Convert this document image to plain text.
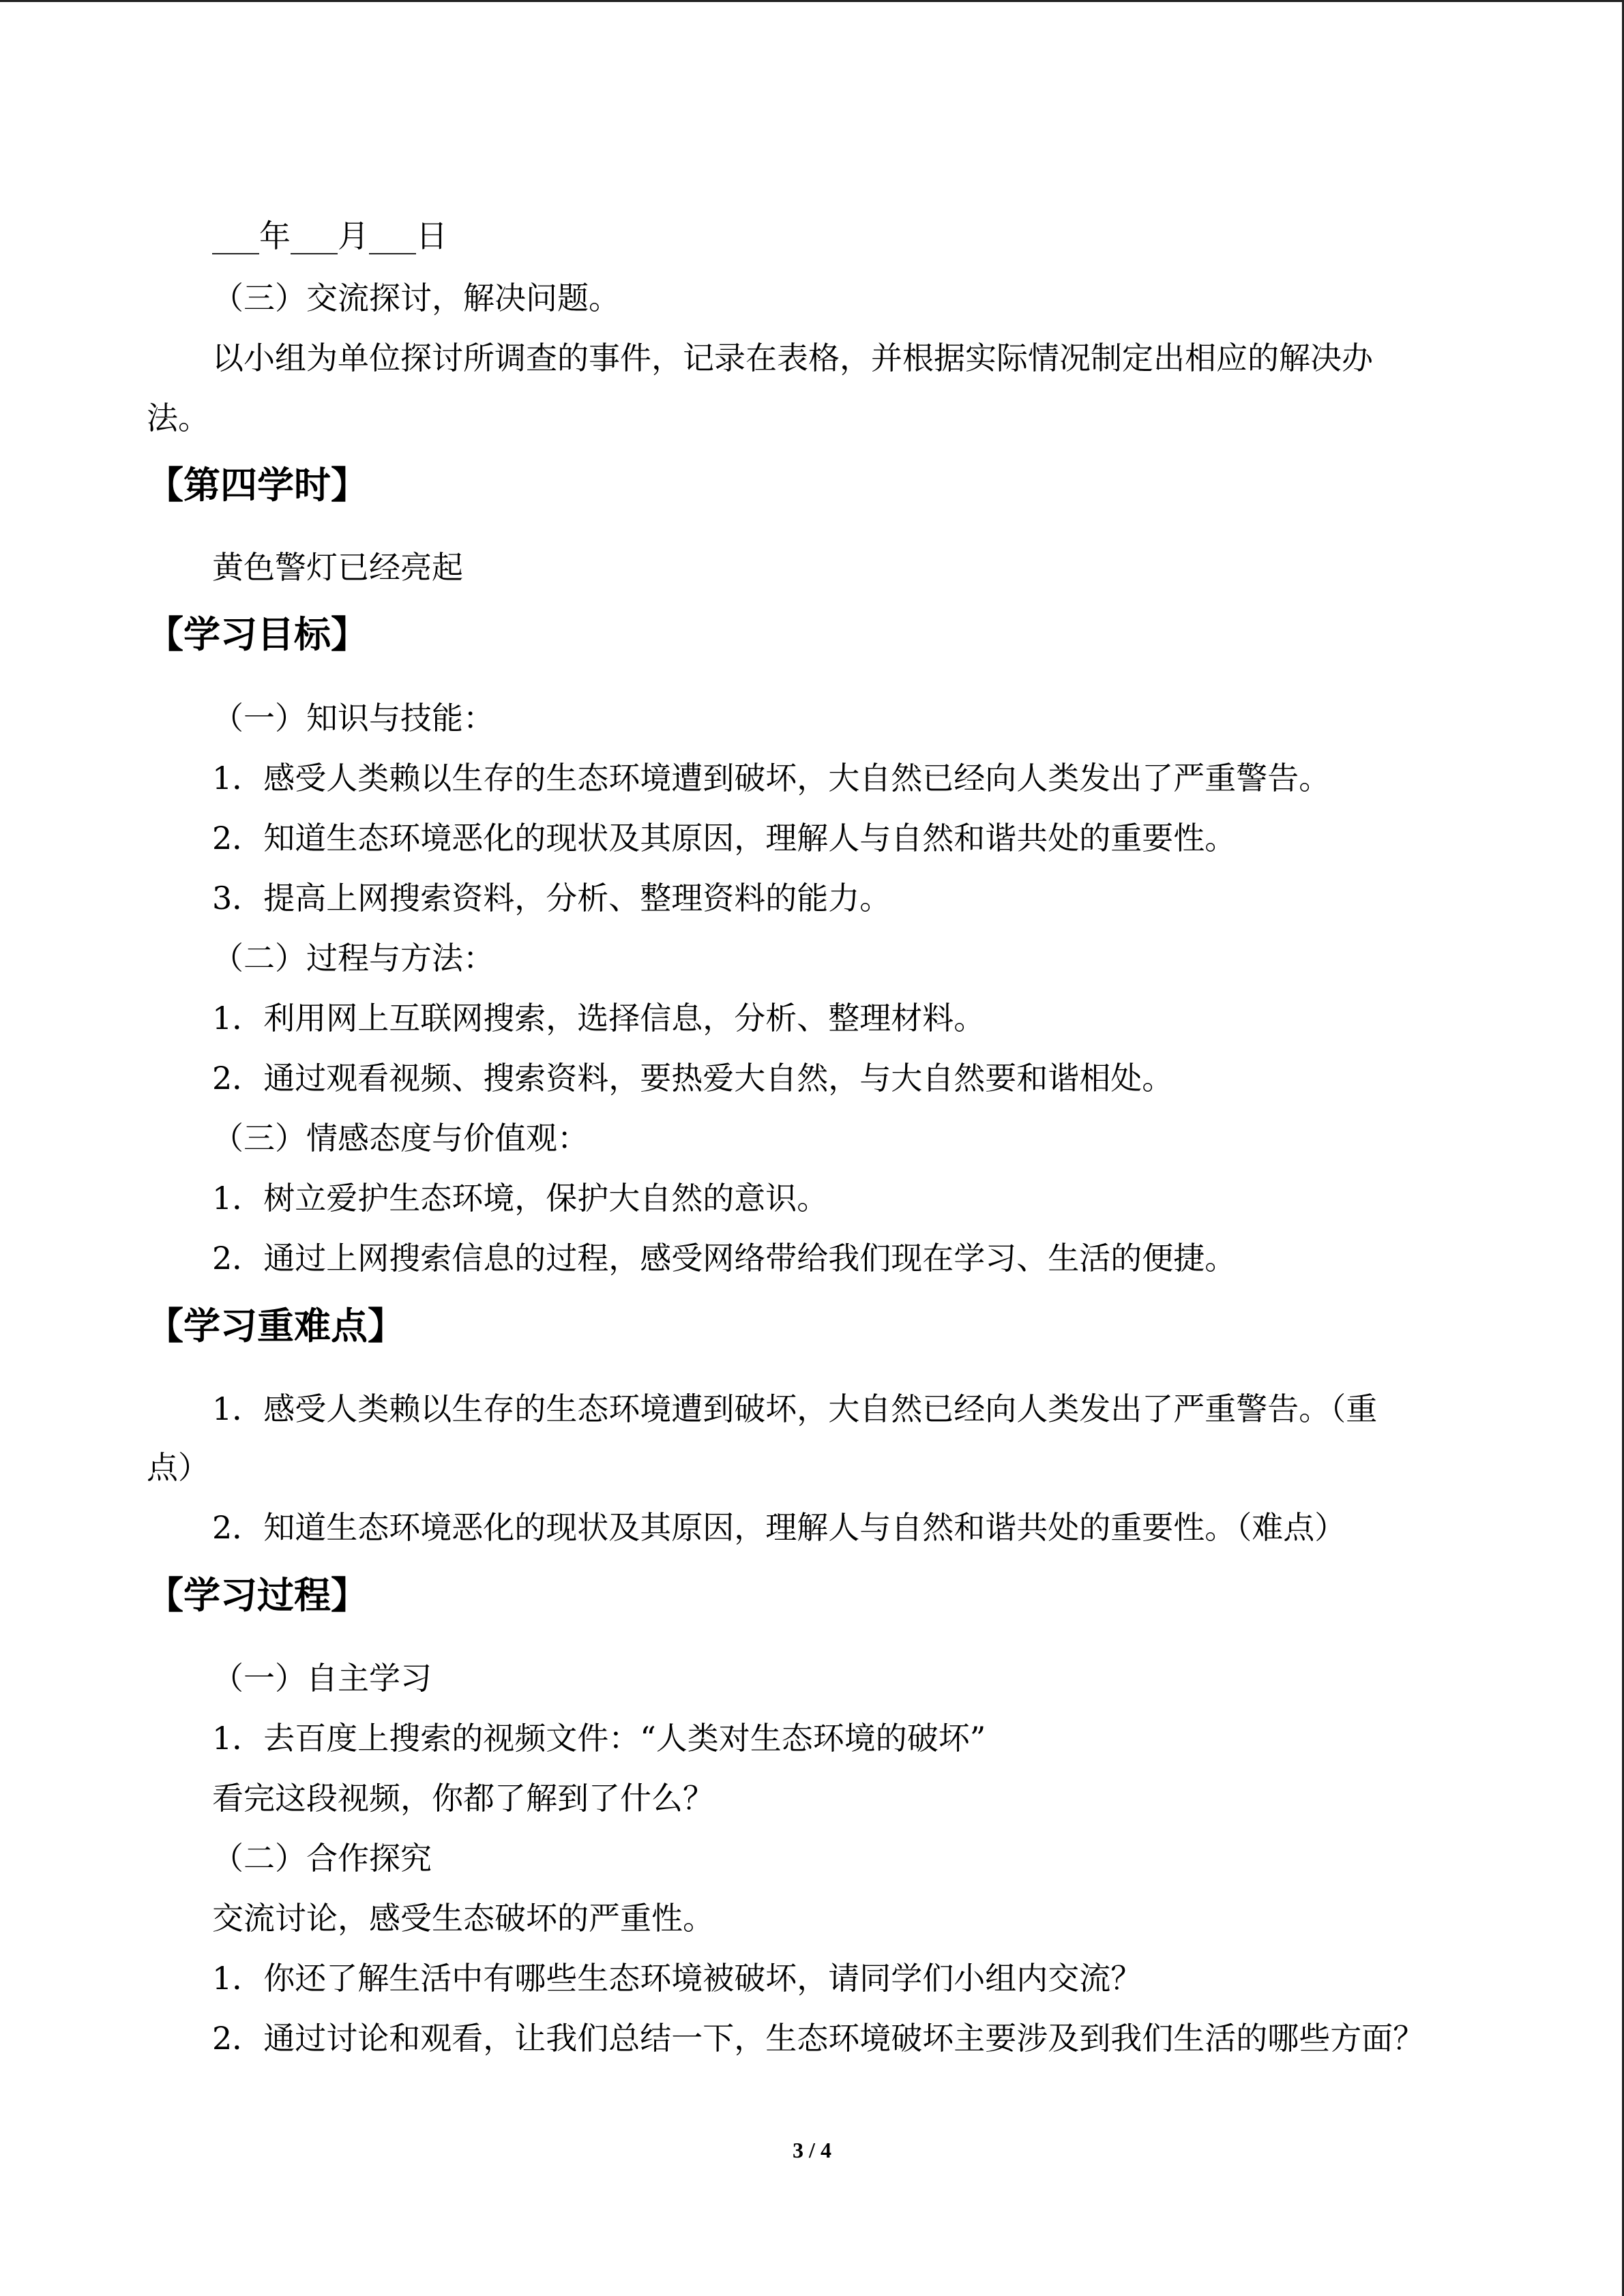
___年___月___日
（三）交流探讨，解决问题。
以小组为单位探讨所调查的事件，记录在表格，并根据实际情况制定出相应的解决办
法。
【第四学时】
黄色警灯已经亮起
【学习目标】
（一）知识与技能：
1．感受人类赖以生存的生态环境遭到破坏，大自然已经向人类发出了严重警告。
2．知道生态环境恶化的现状及其原因，理解人与自然和谐共处的重要性。
3．提高上网搜索资料，分析、整理资料的能力。
（二）过程与方法：
1．利用网上互联网搜索，选择信息，分析、整理材料。
2．通过观看视频、搜索资料，要热爱大自然，与大自然要和谐相处。
（三）情感态度与价值观：
1．树立爱护生态环境，保护大自然的意识。
2．通过上网搜索信息的过程，感受网络带给我们现在学习、生活的便捷。
【学习重难点】
1．感受人类赖以生存的生态环境遭到破坏，大自然已经向人类发出了严重警告。（重
点）
2．知道生态环境恶化的现状及其原因，理解人与自然和谐共处的重要性。（难点）
【学习过程】
（一）自主学习
1．去百度上搜索的视频文件：“人类对生态环境的破坏”
看完这段视频，你都了解到了什么？
（二）合作探究
交流讨论，感受生态破坏的严重性。
1．你还了解生活中有哪些生态环境被破坏，请同学们小组内交流？
2．通过讨论和观看，让我们总结一下，生态环境破坏主要涉及到我们生活的哪些方面？
3 / 4
